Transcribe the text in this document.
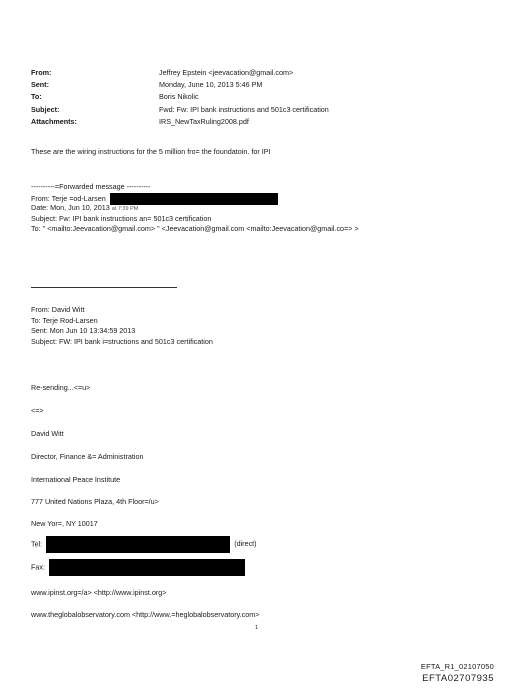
From:	Jeffrey Epstein <jeevacation@gmail.com>
Sent:	Monday, June 10, 2013 5:46 PM
To:	Boris Nikolic
Subject:	Fwd: Fw: IPI bank instructions and 501c3 certification
Attachments:	IRS_NewTaxRuling2008.pdf
These are the wiring instructions for the 5 million fro= the foundatoin. for IPI
----------=Forwarded message ----------
From: Terje =od-Larsen
Date: Mon, Jun 10, 2013 at 7:39 PM
Subject: Fw: IPI bank instructions an= 501c3 certification
To: " <mailto:Jeevacation@gmail.com> " <Jeevacation@gmail.com <mailto:Jeevacation@gmail.co=> >
From: David Witt
To: Terje Rod-Larsen
Sent: Mon Jun 10 13:34:59 2013
Subject: FW: IPI bank i=structions and 501c3 certification
Re-sending...<=u>
<=>
David Witt
Director, Finance &= Administration
International Peace Institute
777 United Nations Plaza, 4th Floor=/u>
New Yor=, NY 10017
Tel:	(direct)
Fax:
www.ipinst.org=/a> <http://www.ipinst.org>
www.theglobalobservatory.com <http://www.=heglobalobservatory.com>
1
EFTA_R1_02107050
EFTA02707935
